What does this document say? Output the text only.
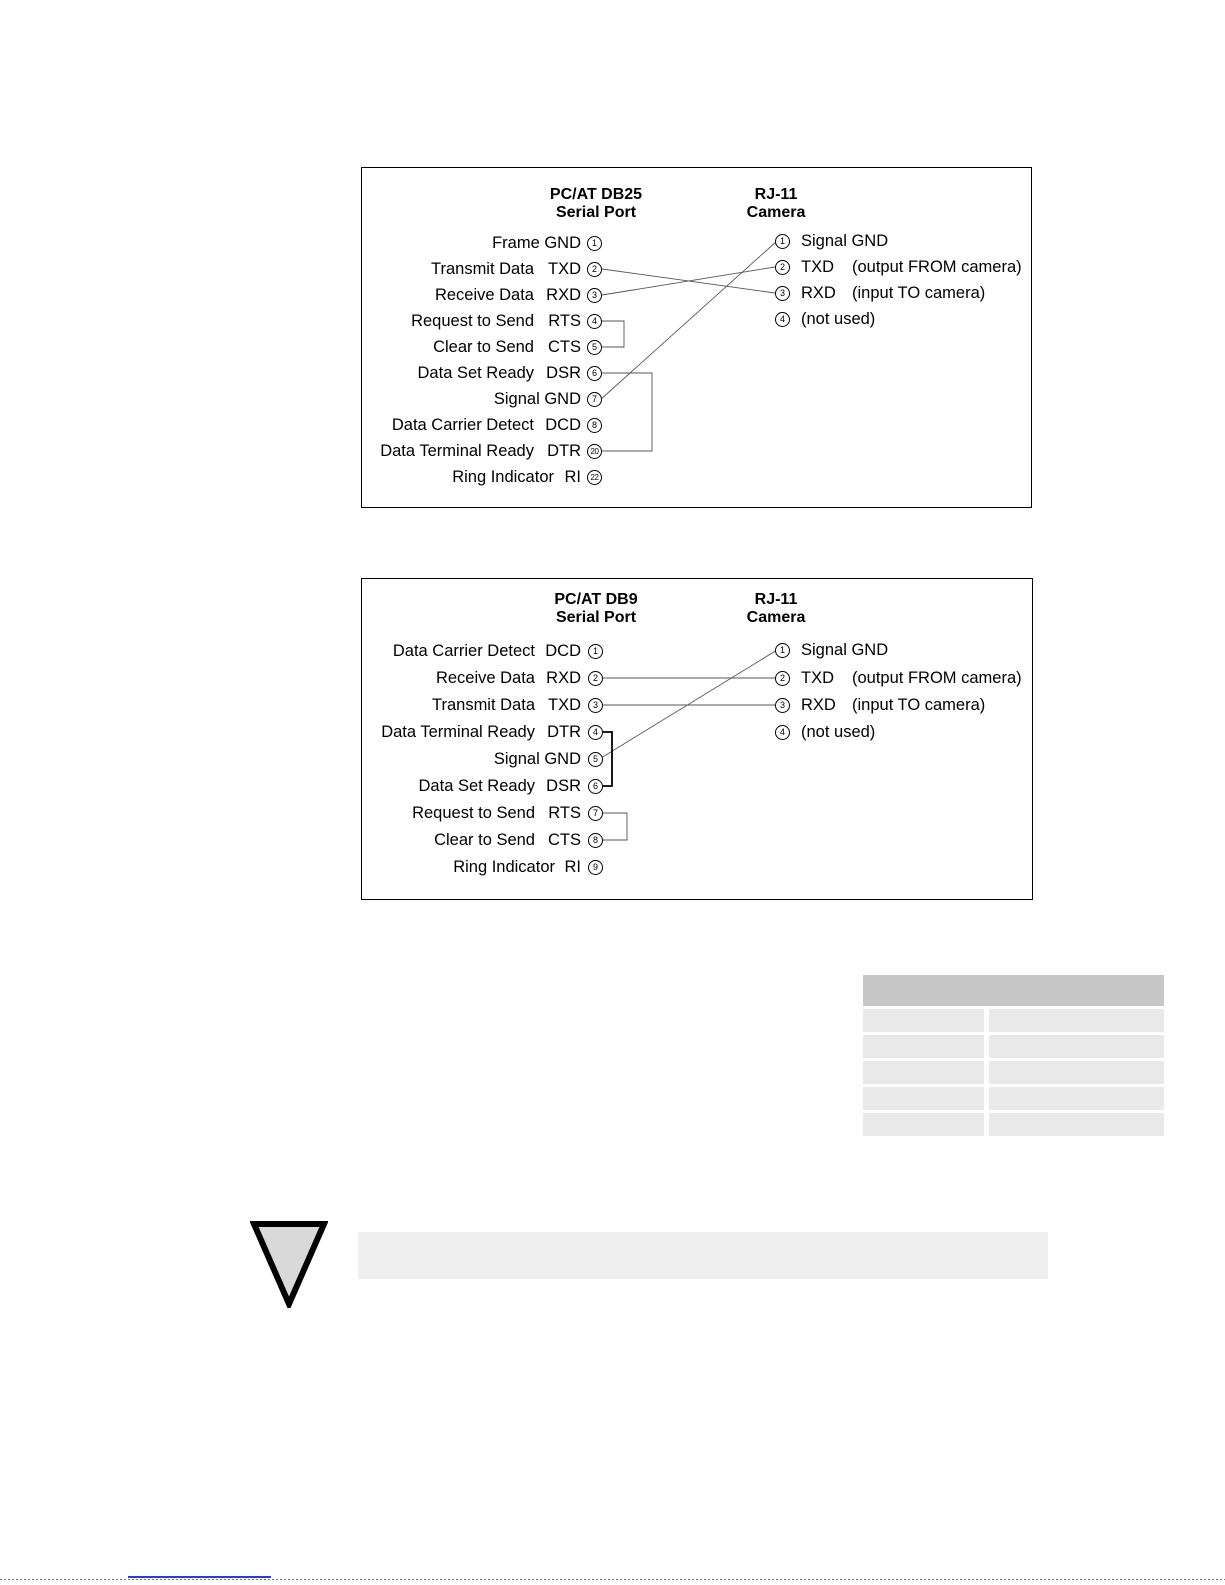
PC/AT DB25
Serial Port
RJ-11
Camera
Frame GND
Transmit Data TXD
Receive Data RXD
Request to Send RTS
Clear to Send CTS
Data Set Ready DSR
Signal GND
Data Carrier Detect DCD
Data Terminal Ready DTR
Ring Indicator RI
1
2
3
4
5
6
7
8
20
22
1
2
3
4
Signal GND
TXD (output FROM camera)
RXD (input TO camera)
(not used)
PC/AT DB9
Serial Port
RJ-11
Camera
Data Carrier Detect DCD
Receive Data RXD
Transmit Data TXD
Data Terminal Ready DTR
Signal GND
Data Set Ready DSR
Request to Send RTS
Clear to Send CTS
Ring Indicator RI
1
2
3
4
5
6
7
8
9
1
2
3
4
Signal GND
TXD (output FROM camera)
RXD (input TO camera)
(not used)
